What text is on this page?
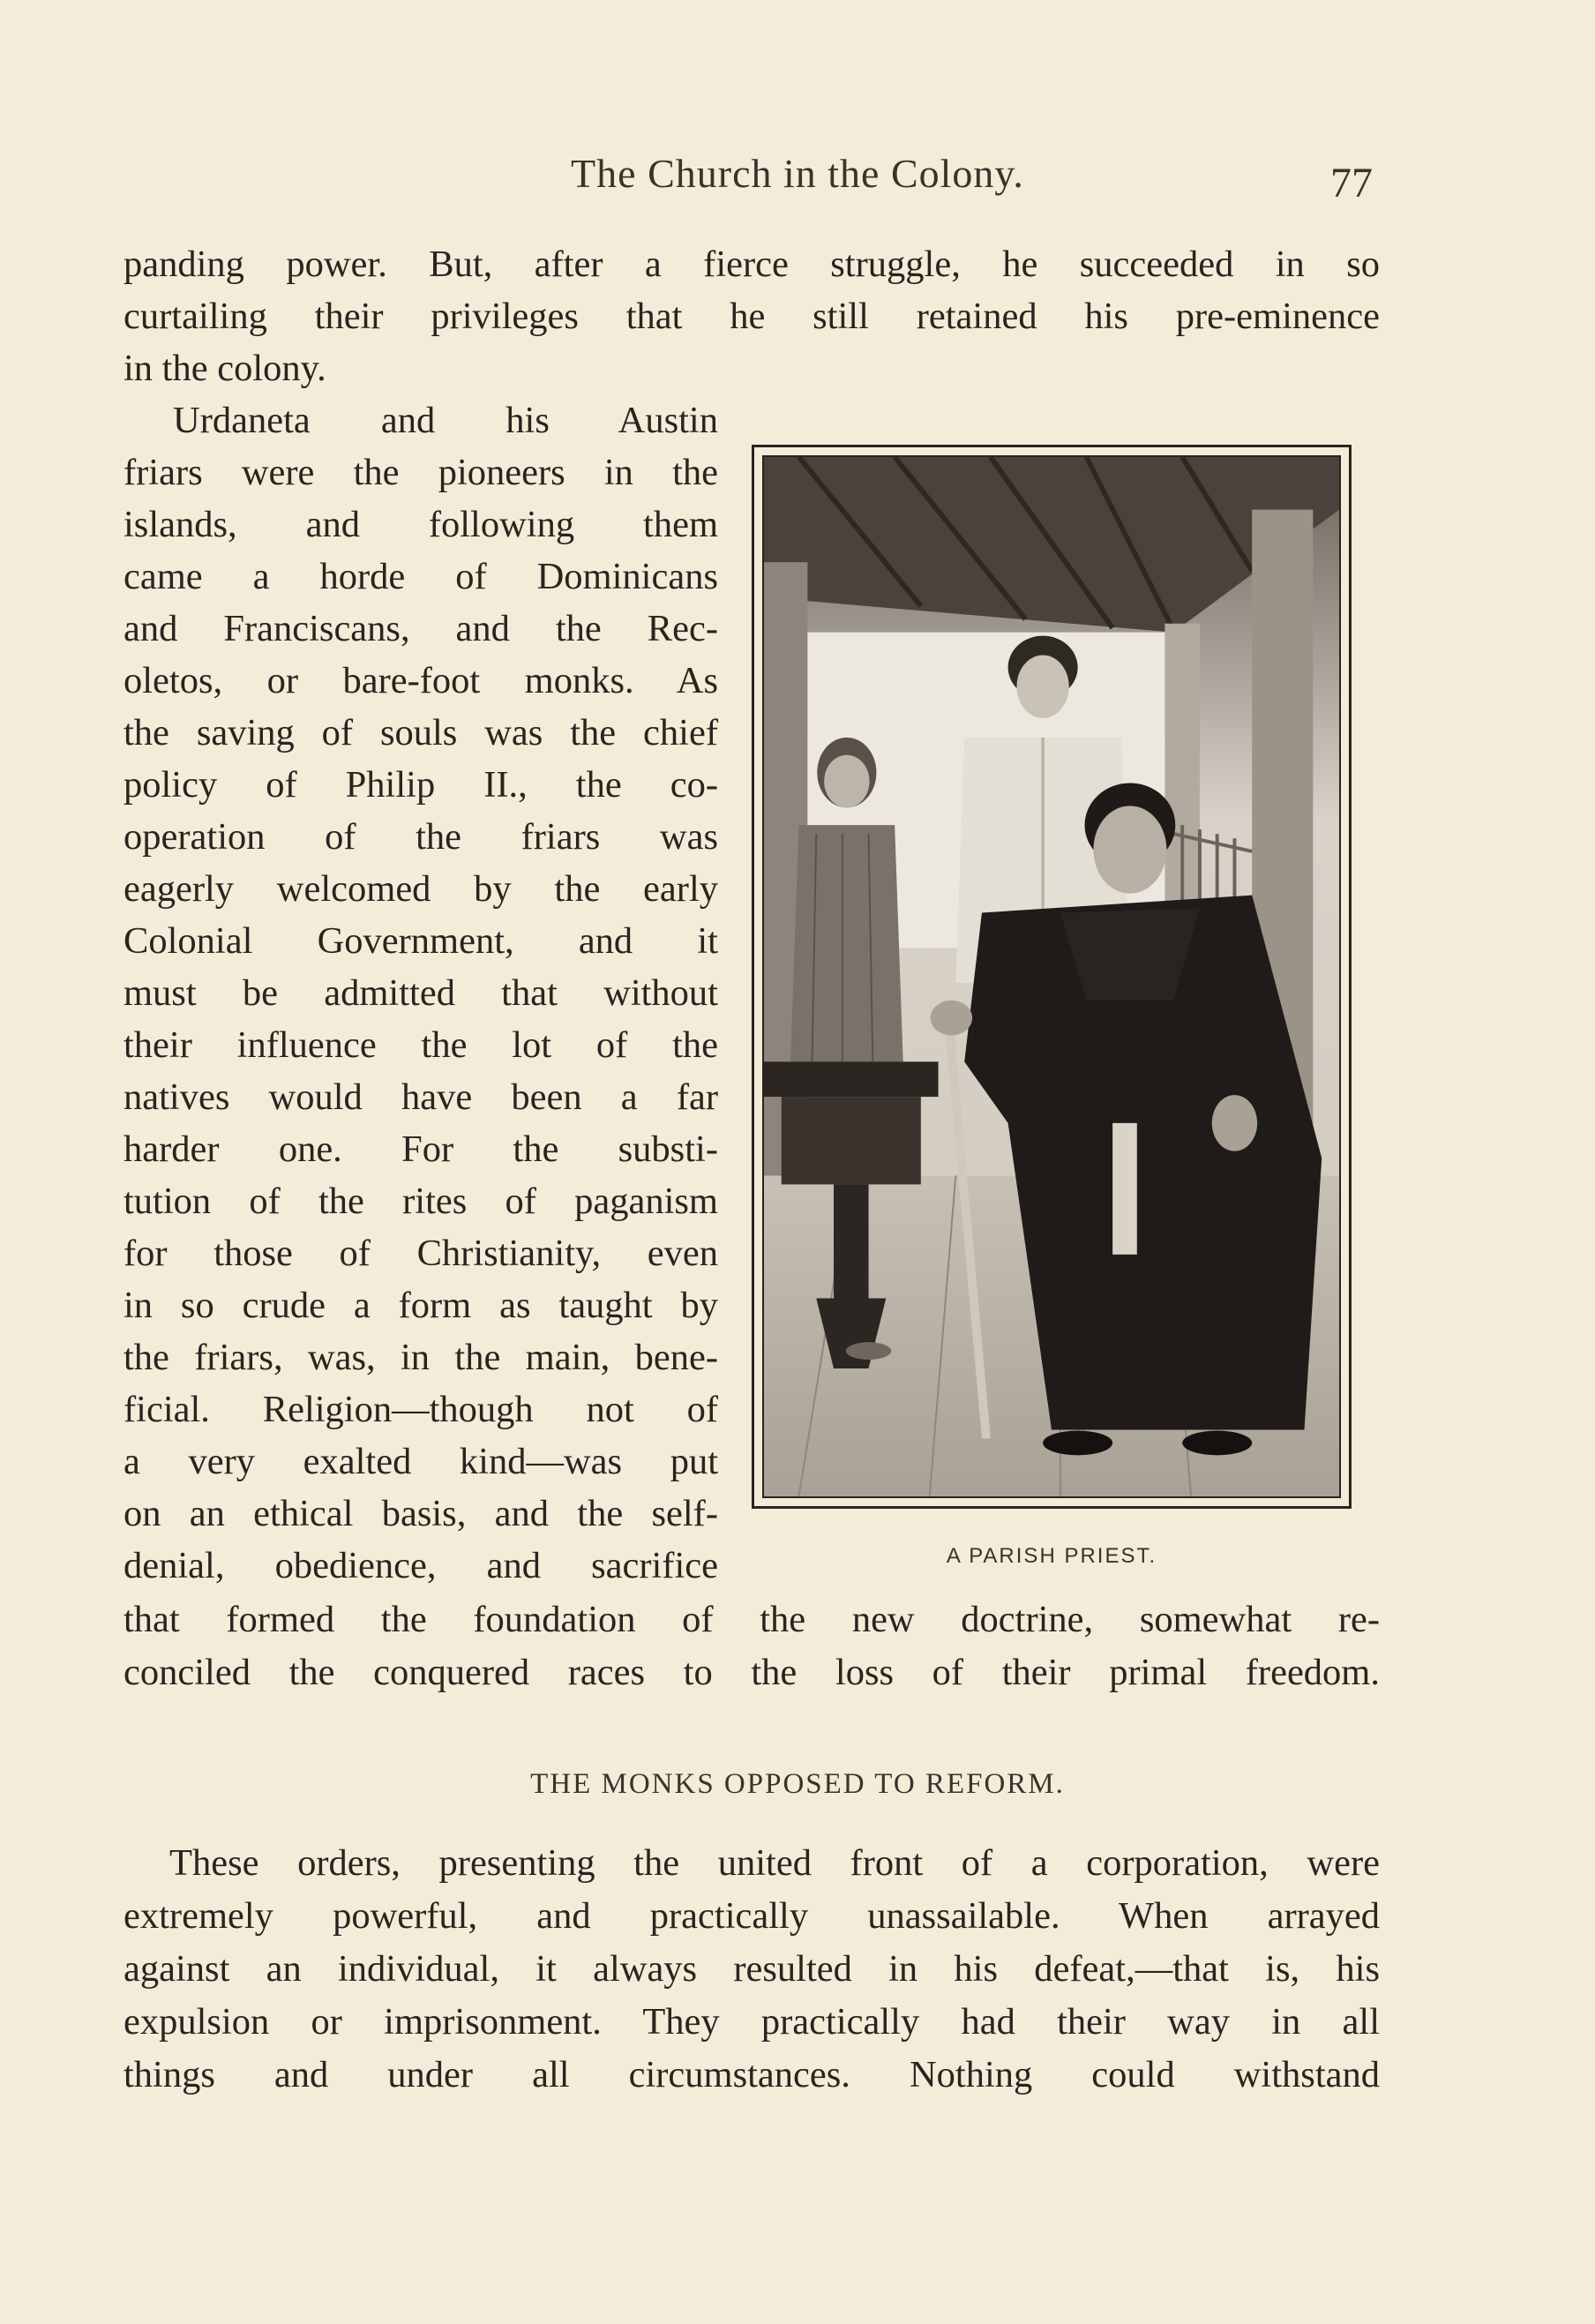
The Church in the Colony.	77
panding power. But, after a fierce struggle, he succeeded in so
curtailing their privileges that he still retained his pre-eminence
in the colony.
Urdaneta and his Austin
friars were the pioneers in the
islands, and following them
came a horde of Dominicans
and Franciscans, and the Rec-
oletos, or bare-foot monks. As
the saving of souls was the chief
policy of Philip II., the co-
operation of the friars was
eagerly welcomed by the early
Colonial Government, and it
must be admitted that without
their influence the lot of the
natives would have been a far
harder one. For the substi-
tution of the rites of paganism
for those of Christianity, even
in so crude a form as taught by
the friars, was, in the main, bene-
ficial. Religion—though not of
a very exalted kind—was put
on an ethical basis, and the self-
denial, obedience, and sacrifice
that formed the foundation of the new doctrine, somewhat re-
conciled the conquered races to the loss of their primal freedom.
THE MONKS OPPOSED TO REFORM.
These orders, presenting the united front of a corporation, were
extremely powerful, and practically unassailable. When arrayed
against an individual, it always resulted in his defeat,—that is, his
expulsion or imprisonment. They practically had their way in all
things and under all circumstances. Nothing could withstand
A PARISH PRIEST.
